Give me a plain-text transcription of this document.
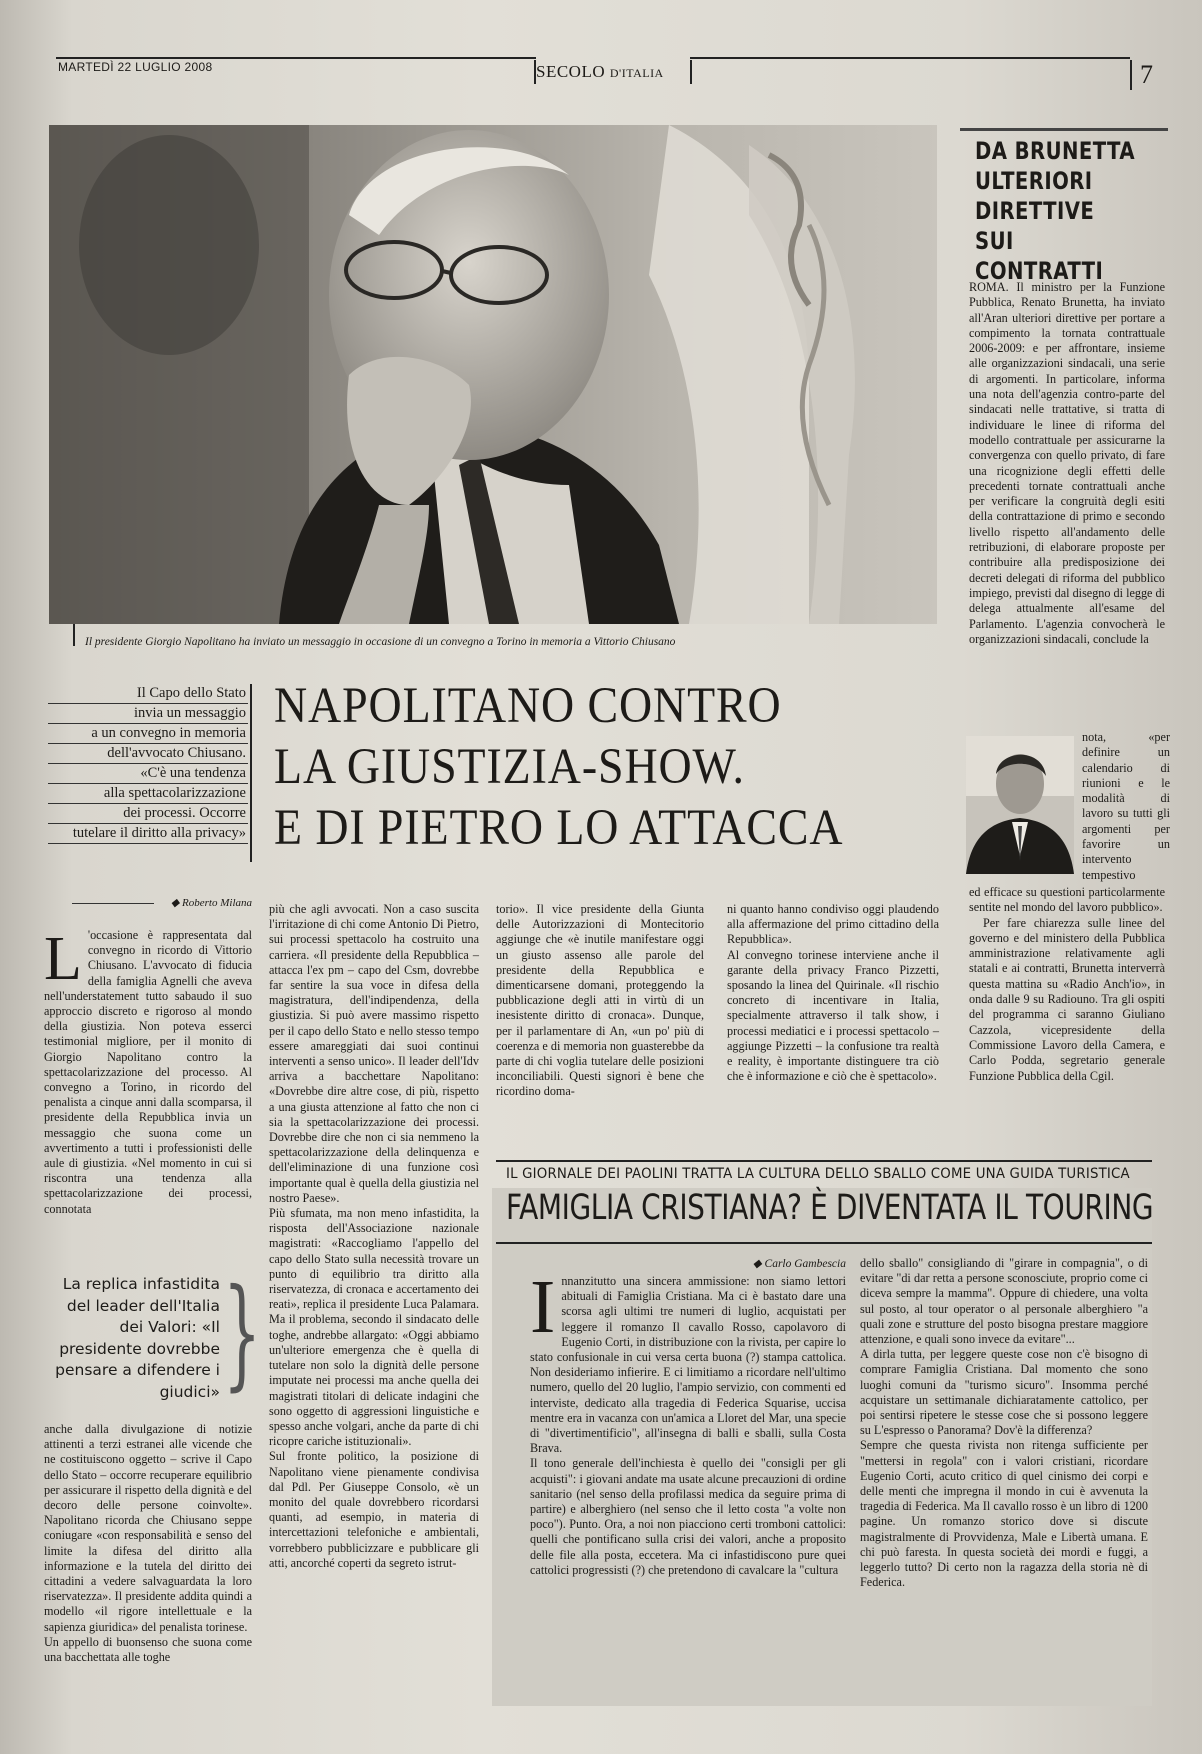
MARTEDÌ 22 LUGLIO 2008	SECOLO D'ITALIA	7
Il presidente Giorgio Napolitano ha inviato un messaggio in occasione di un convegno a Torino in memoria a Vittorio Chiusano
DA BRUNETTA
ULTERIORI
DIRETTIVE
SUI CONTRATTI

ROMA. Il ministro per la Funzione Pubblica, Renato Brunetta, ha inviato all'Aran ulteriori direttive per portare a compimento la tornata contrattuale 2006-2009: e per affrontare, insieme alle organizzazioni sindacali, una serie di argomenti. In particolare, informa una nota dell'agenzia contro-parte del sindacati nelle trattative, si tratta di individuare le linee di riforma del modello contrattuale per assicurarne la convergenza con quello privato, di fare una ricognizione degli effetti delle precedenti tornate contrattuali anche per verificare la congruità degli esiti della contrattazione di primo e secondo livello rispetto all'andamento delle retribuzioni, di elaborare proposte per contribuire alla predisposizione dei decreti delegati di riforma del pubblico impiego, previsti dal disegno di legge di delega attualmente all'esame del Parlamento. L'agenzia convocherà le organizzazioni sindacali, conclude la

nota, «per definire un calendario di riunioni e le modalità di lavoro su tutti gli argomenti per favorire un intervento tempestivo

ed efficace su questioni particolarmente sentite nel mondo del lavoro pubblico».

Per fare chiarezza sulle linee del governo e del ministero della Pubblica amministrazione relativamente agli statali e ai contratti, Brunetta interverrà questa mattina su «Radio Anch'io», in onda dalle 9 su Radiouno. Tra gli ospiti del programma ci saranno Giuliano Cazzola, vicepresidente della Commissione Lavoro della Camera, e Carlo Podda, segretario generale Funzione Pubblica della Cgil.

Il Capo dello Stato
invia un messaggio
a un convegno in memoria
dell'avvocato Chiusano.
«C'è una tendenza
alla spettacolarizzazione
dei processi. Occorre
tutelare il diritto alla privacy»
NAPOLITANO CONTRO
LA GIUSTIZIA-SHOW.
E DI PIETRO LO ATTACCA
◆ Roberto Milana
L 'occasione è rappresentata dal convegno in ricordo di Vittorio Chiusano. L'avvocato di fiducia della famiglia Agnelli che aveva nell'understatement tutto sabaudo il suo approccio discreto e rigoroso al mondo della giustizia. Non poteva esserci testimonial migliore, per il monito di Giorgio Napolitano contro la spettacolarizzazione del processo. Al convegno a Torino, in ricordo del penalista a cinque anni dalla scomparsa, il presidente della Repubblica invia un messaggio che suona come un avvertimento a tutti i professionisti delle aule di giustizia. «Nel momento in cui si riscontra una tendenza alla spettacolarizzazione dei processi, connotata

La replica infastidita del leader dell'Italia dei Valori: «Il presidente dovrebbe pensare a difendere i giudici» }

anche dalla divulgazione di notizie attinenti a terzi estranei alle vicende che ne costituiscono oggetto – scrive il Capo dello Stato – occorre recuperare equilibrio per assicurare il rispetto della dignità e del decoro delle persone coinvolte». Napolitano ricorda che Chiusano seppe coniugare «con responsabilità e senso del limite la difesa del diritto alla informazione e la tutela del diritto dei cittadini a vedere salvaguardata la loro riservatezza». Il presidente addita quindi a modello «il rigore intellettuale e la sapienza giuridica» del penalista torinese.
Un appello di buonsenso che suona come una bacchettata alle toghe

più che agli avvocati. Non a caso suscita l'irritazione di chi come Antonio Di Pietro, sui processi spettacolo ha costruito una carriera. «Il presidente della Repubblica – attacca l'ex pm – capo del Csm, dovrebbe far sentire la sua voce in difesa della magistratura, dell'indipendenza, della giustizia. Si può avere massimo rispetto per il capo dello Stato e nello stesso tempo essere amareggiati dai suoi continui interventi a senso unico». Il leader dell'Idv arriva a bacchettare Napolitano: «Dovrebbe dire altre cose, di più, rispetto a una giusta attenzione al fatto che non ci sia la spettacolarizzazione dei processi. Dovrebbe dire che non ci sia nemmeno la spettacolarizzazione della delinquenza e dell'eliminazione di una funzione così importante qual è quella della giustizia nel nostro Paese».
Più sfumata, ma non meno infastidita, la risposta dell'Associazione nazionale magistrati: «Raccogliamo l'appello del capo dello Stato sulla necessità trovare un punto di equilibrio tra diritto alla riservatezza, di cronaca e accertamento dei reati», replica il presidente Luca Palamara. Ma il problema, secondo il sindacato delle toghe, andrebbe allargato: «Oggi abbiamo un'ulteriore emergenza che è quella di tutelare non solo la dignità delle persone imputate nei processi ma anche quella dei magistrati titolari di delicate indagini che sono oggetto di aggressioni linguistiche e spesso anche volgari, anche da parte di chi ricopre cariche istituzionali».
Sul fronte politico, la posizione di Napolitano viene pienamente condivisa dal Pdl. Per Giuseppe Consolo, «è un monito del quale dovrebbero ricordarsi quanti, ad esempio, in materia di intercettazioni telefoniche e ambientali, vorrebbero pubblicizzare e pubblicare gli atti, ancorché coperti da segreto istrut-

torio». Il vice presidente della Giunta delle Autorizzazioni di Montecitorio aggiunge che «è inutile manifestare oggi un giusto assenso alle parole del presidente della Repubblica e dimenticarsene domani, proteggendo la pubblicazione degli atti in virtù di un inesistente diritto di cronaca». Dunque, per il parlamentare di An, «un po' più di coerenza e di memoria non guasterebbe da parte di chi voglia tutelare delle posizioni inconciliabili. Questi signori è bene che ricordino doma-

ni quanto hanno condiviso oggi plaudendo alla affermazione del primo cittadino della Repubblica».
Al convegno torinese interviene anche il garante della privacy Franco Pizzetti, sposando la linea del Quirinale. «Il rischio concreto di incentivare in Italia, specialmente attraverso il talk show, i processi mediatici e i processi spettacolo – aggiunge Pizzetti – la confusione tra realtà e reality, è importante distinguere tra ciò che è informazione e ciò che è spettacolo».

IL GIORNALE DEI PAOLINI TRATTA LA CULTURA DELLO SBALLO COME UNA GUIDA TURISTICA
FAMIGLIA CRISTIANA? È DIVENTATA IL TOURING
◆ Carlo Gambescia
I nnanzitutto una sincera ammissione: non siamo lettori abituali di Famiglia Cristiana. Ma ci è bastato dare una scorsa agli ultimi tre numeri di luglio, acquistati per leggere il romanzo Il cavallo Rosso, capolavoro di Eugenio Corti, in distribuzione con la rivista, per capire lo stato confusionale in cui versa certa buona (?) stampa cattolica. Non desideriamo infierire. E ci limitiamo a ricordare nell'ultimo numero, quello del 20 luglio, l'ampio servizio, con commenti ed interviste, dedicato alla tragedia di Federica Squarise, uccisa mentre era in vacanza con un'amica a Lloret del Mar, una specie di "divertimentificio", all'insegna di balli e sballi, sulla Costa Brava.
Il tono generale dell'inchiesta è quello dei "consigli per gli acquisti": i giovani andate ma usate alcune precauzioni di ordine sanitario (nel senso della profilassi medica da seguire prima di partire) e alberghiero (nel senso che il letto costa "a volte non poco"). Punto. Ora, a noi non piacciono certi tromboni cattolici: quelli che pontificano sulla crisi dei valori, anche a proposito delle file alla posta, eccetera. Ma ci infastidiscono pure quei cattolici progressisti (?) che pretendono di cavalcare la "cultura

dello sballo" consigliando di "girare in compagnia", o di evitare "di dar retta a persone sconosciute, proprio come ci diceva sempre la mamma". Oppure di chiedere, una volta sul posto, al tour operator o al personale alberghiero "a quali zone e strutture del posto bisogna prestare maggiore attenzione, e quali sono invece da evitare"...
A dirla tutta, per leggere queste cose non c'è bisogno di comprare Famiglia Cristiana. Dal momento che sono luoghi comuni da "turismo sicuro". Insomma perché acquistare un settimanale dichiaratamente cattolico, per poi sentirsi ripetere le stesse cose che si possono leggere su L'espresso o Panorama? Dov'è la differenza?
Sempre che questa rivista non ritenga sufficiente per "mettersi in regola" con i valori cristiani, ricordare Eugenio Corti, acuto critico di quel cinismo dei corpi e delle menti che impregna il mondo in cui è avvenuta la tragedia di Federica. Ma Il cavallo rosso è un libro di 1200 pagine. Un romanzo storico dove si discute magistralmente di Provvidenza, Male e Libertà umana. E chi può faresta. In questa società dei mordi e fuggi, a leggerlo tutto? Di certo non la ragazza della storia nè di Federica.
